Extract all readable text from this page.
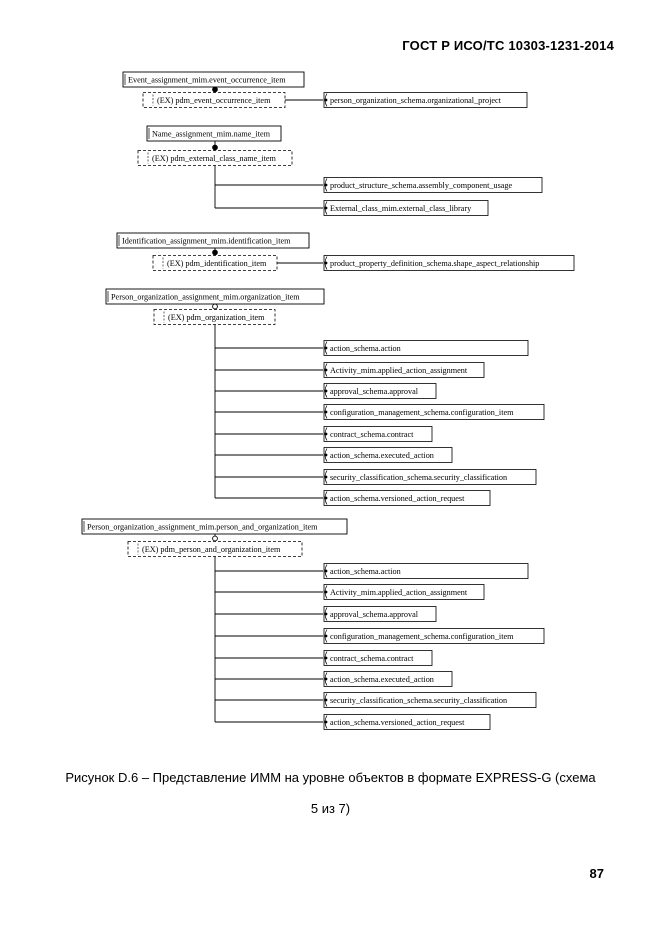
ГОСТ Р ИСО/ТС 10303-1231-2014
Event_assignment_mim.event_occurrence_item
(EX) pdm_event_occurrence_item	person_organization_schema.organizational_project
Name_assignment_mim.name_item
(EX) pdm_external_class_name_item
product_structure_schema.assembly_component_usage
External_class_mim.external_class_library
Identification_assignment_mim.identification_item
(EX) pdm_identification_item	product_property_definition_schema.shape_aspect_relationship
Person_organization_assignment_mim.organization_item
(EX) pdm_organization_item
action_schema.action
Activity_mim.applied_action_assignment
approval_schema.approval
configuration_management_schema.configuration_item
contract_schema.contract
action_schema.executed_action
security_classification_schema.security_classification
action_schema.versioned_action_request
Person_organization_assignment_mim.person_and_organization_item
(EX) pdm_person_and_organization_item
action_schema.action
Activity_mim.applied_action_assignment
approval_schema.approval
configuration_management_schema.configuration_item
contract_schema.contract
action_schema.executed_action
security_classification_schema.security_classification
action_schema.versioned_action_request
Рисунок D.6 – Представление ИММ на уровне объектов в формате EXPRESS-G (схема
5 из 7)
87
